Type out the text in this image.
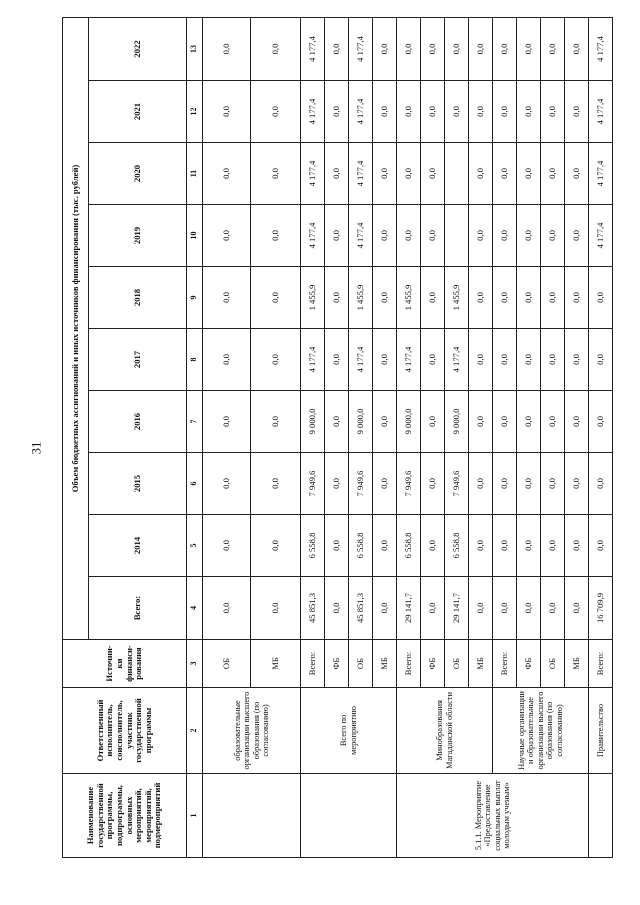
31
Наименование государственной программы, подпрограммы, основных мероприятий, мероприятий, подмероприятий	Ответственный исполнитель, соисполнитель, участник государственной программы	Источни-ки финанси-рования	Объем бюджетных ассигнований и иных источников финансирования (тыс. рублей)									
			Всего:	2014	2015	2016	2017	2018	2019	2020	2021	2022
1	2	3	4	5	6	7	8	9	10	11	12	13
	образовательные организации высшего образования (по согласованию)	ОБ	0,0	0,0	0,0	0,0	0,0	0,0	0,0	0,0	0,0	0,0
		МБ	0,0	0,0	0,0	0,0	0,0	0,0	0,0	0,0	0,0	0,0
	Всего по мероприятию	Всего:	45 851,3	6 558,8	7 949,6	9 000,0	4 177,4	1 455,9	4 177,4	4 177,4	4 177,4	4 177,4
		ФБ	0,0	0,0	0,0	0,0	0,0	0,0	0,0	0,0	0,0	0,0
		ОБ	45 851,3	6 558,8	7 949,6	9 000,0	4 177,4	1 455,9	4 177,4	4 177,4	4 177,4	4 177,4
		МБ	0,0	0,0	0,0	0,0	0,0	0,0	0,0	0,0	0,0	0,0
5.1.1. Мероприятие «Предоставление социальных выплат молодым ученым»	Минобразования Магаданской области	Всего:	29 141,7	6 558,8	7 949,6	9 000,0	4 177,4	1 455,9	0,0	0,0	0,0	0,0
		ФБ	0,0	0,0	0,0	0,0	0,0	0,0	0,0	0,0	0,0	0,0
		ОБ	29 141,7	6 558,8	7 949,6	9 000,0	4 177,4	1 455,9			0,0	0,0
		МБ	0,0	0,0	0,0	0,0	0,0	0,0	0,0	0,0	0,0	0,0
	Научные организации и образовательные организации высшего образования (по согласованию)	Всего:	0,0	0,0	0,0	0,0	0,0	0,0	0,0	0,0	0,0	0,0
		ФБ	0,0	0,0	0,0	0,0	0,0	0,0	0,0	0,0	0,0	0,0
		ОБ	0,0	0,0	0,0	0,0	0,0	0,0	0,0	0,0	0,0	0,0
		МБ	0,0	0,0	0,0	0,0	0,0	0,0	0,0	0,0	0,0	0,0
	Правительство	Всего:	16 709,9	0,0	0,0	0,0	0,0	0,0	4 177,4	4 177,4	4 177,4	4 177,4
